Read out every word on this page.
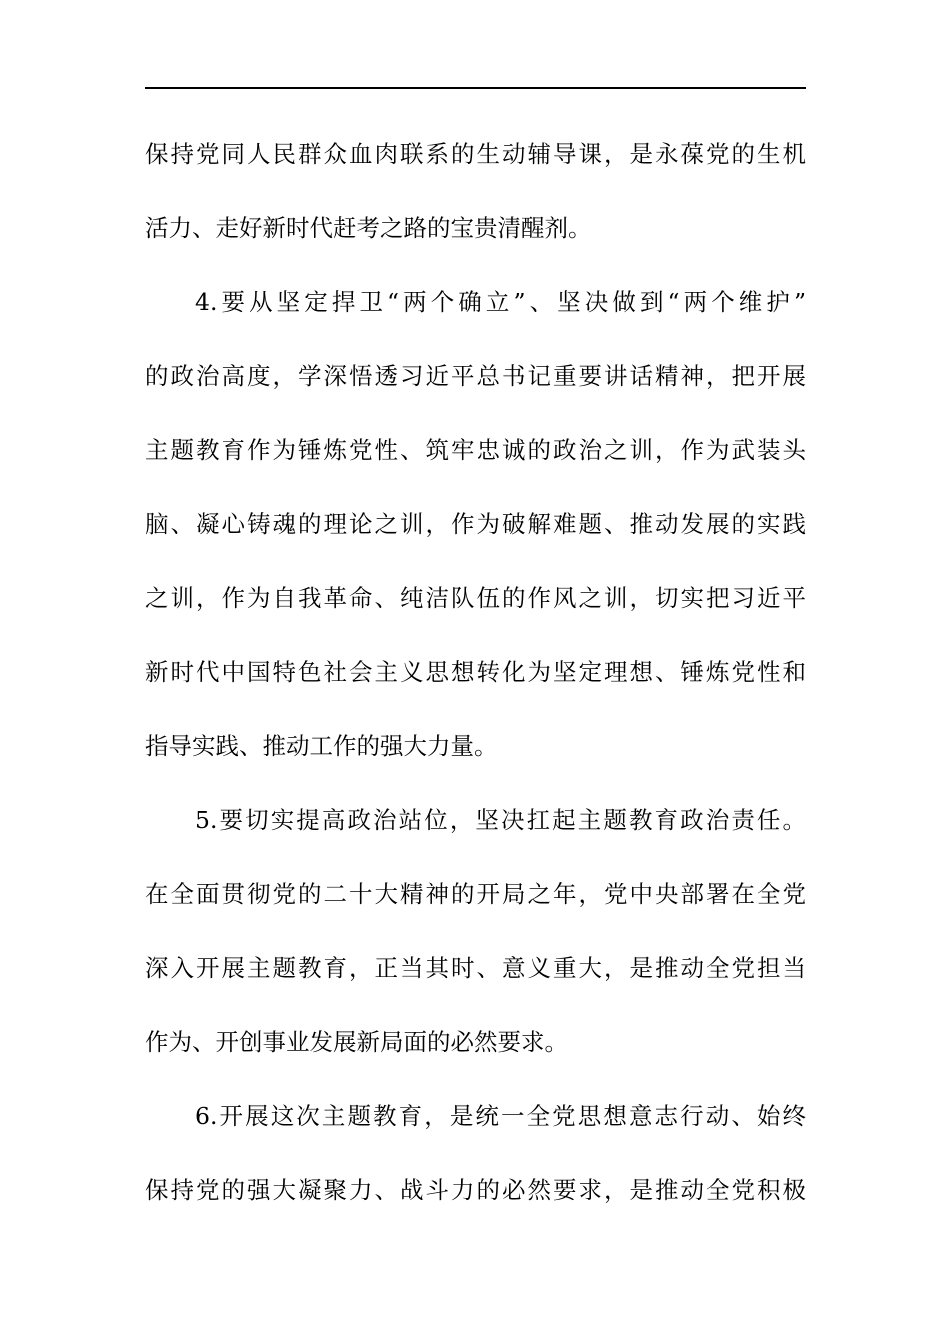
保持党同人民群众血肉联系的生动辅导课，是永葆党的生机
活力、走好新时代赶考之路的宝贵清醒剂。
4.要从坚定捍卫“两个确立”、坚决做到“两个维护”
的政治高度，学深悟透习近平总书记重要讲话精神，把开展
主题教育作为锤炼党性、筑牢忠诚的政治之训，作为武装头
脑、凝心铸魂的理论之训，作为破解难题、推动发展的实践
之训，作为自我革命、纯洁队伍的作风之训，切实把习近平
新时代中国特色社会主义思想转化为坚定理想、锤炼党性和
指导实践、推动工作的强大力量。
5.要切实提高政治站位，坚决扛起主题教育政治责任。
在全面贯彻党的二十大精神的开局之年，党中央部署在全党
深入开展主题教育，正当其时、意义重大，是推动全党担当
作为、开创事业发展新局面的必然要求。
6.开展这次主题教育，是统一全党思想意志行动、始终
保持党的强大凝聚力、战斗力的必然要求，是推动全党积极
